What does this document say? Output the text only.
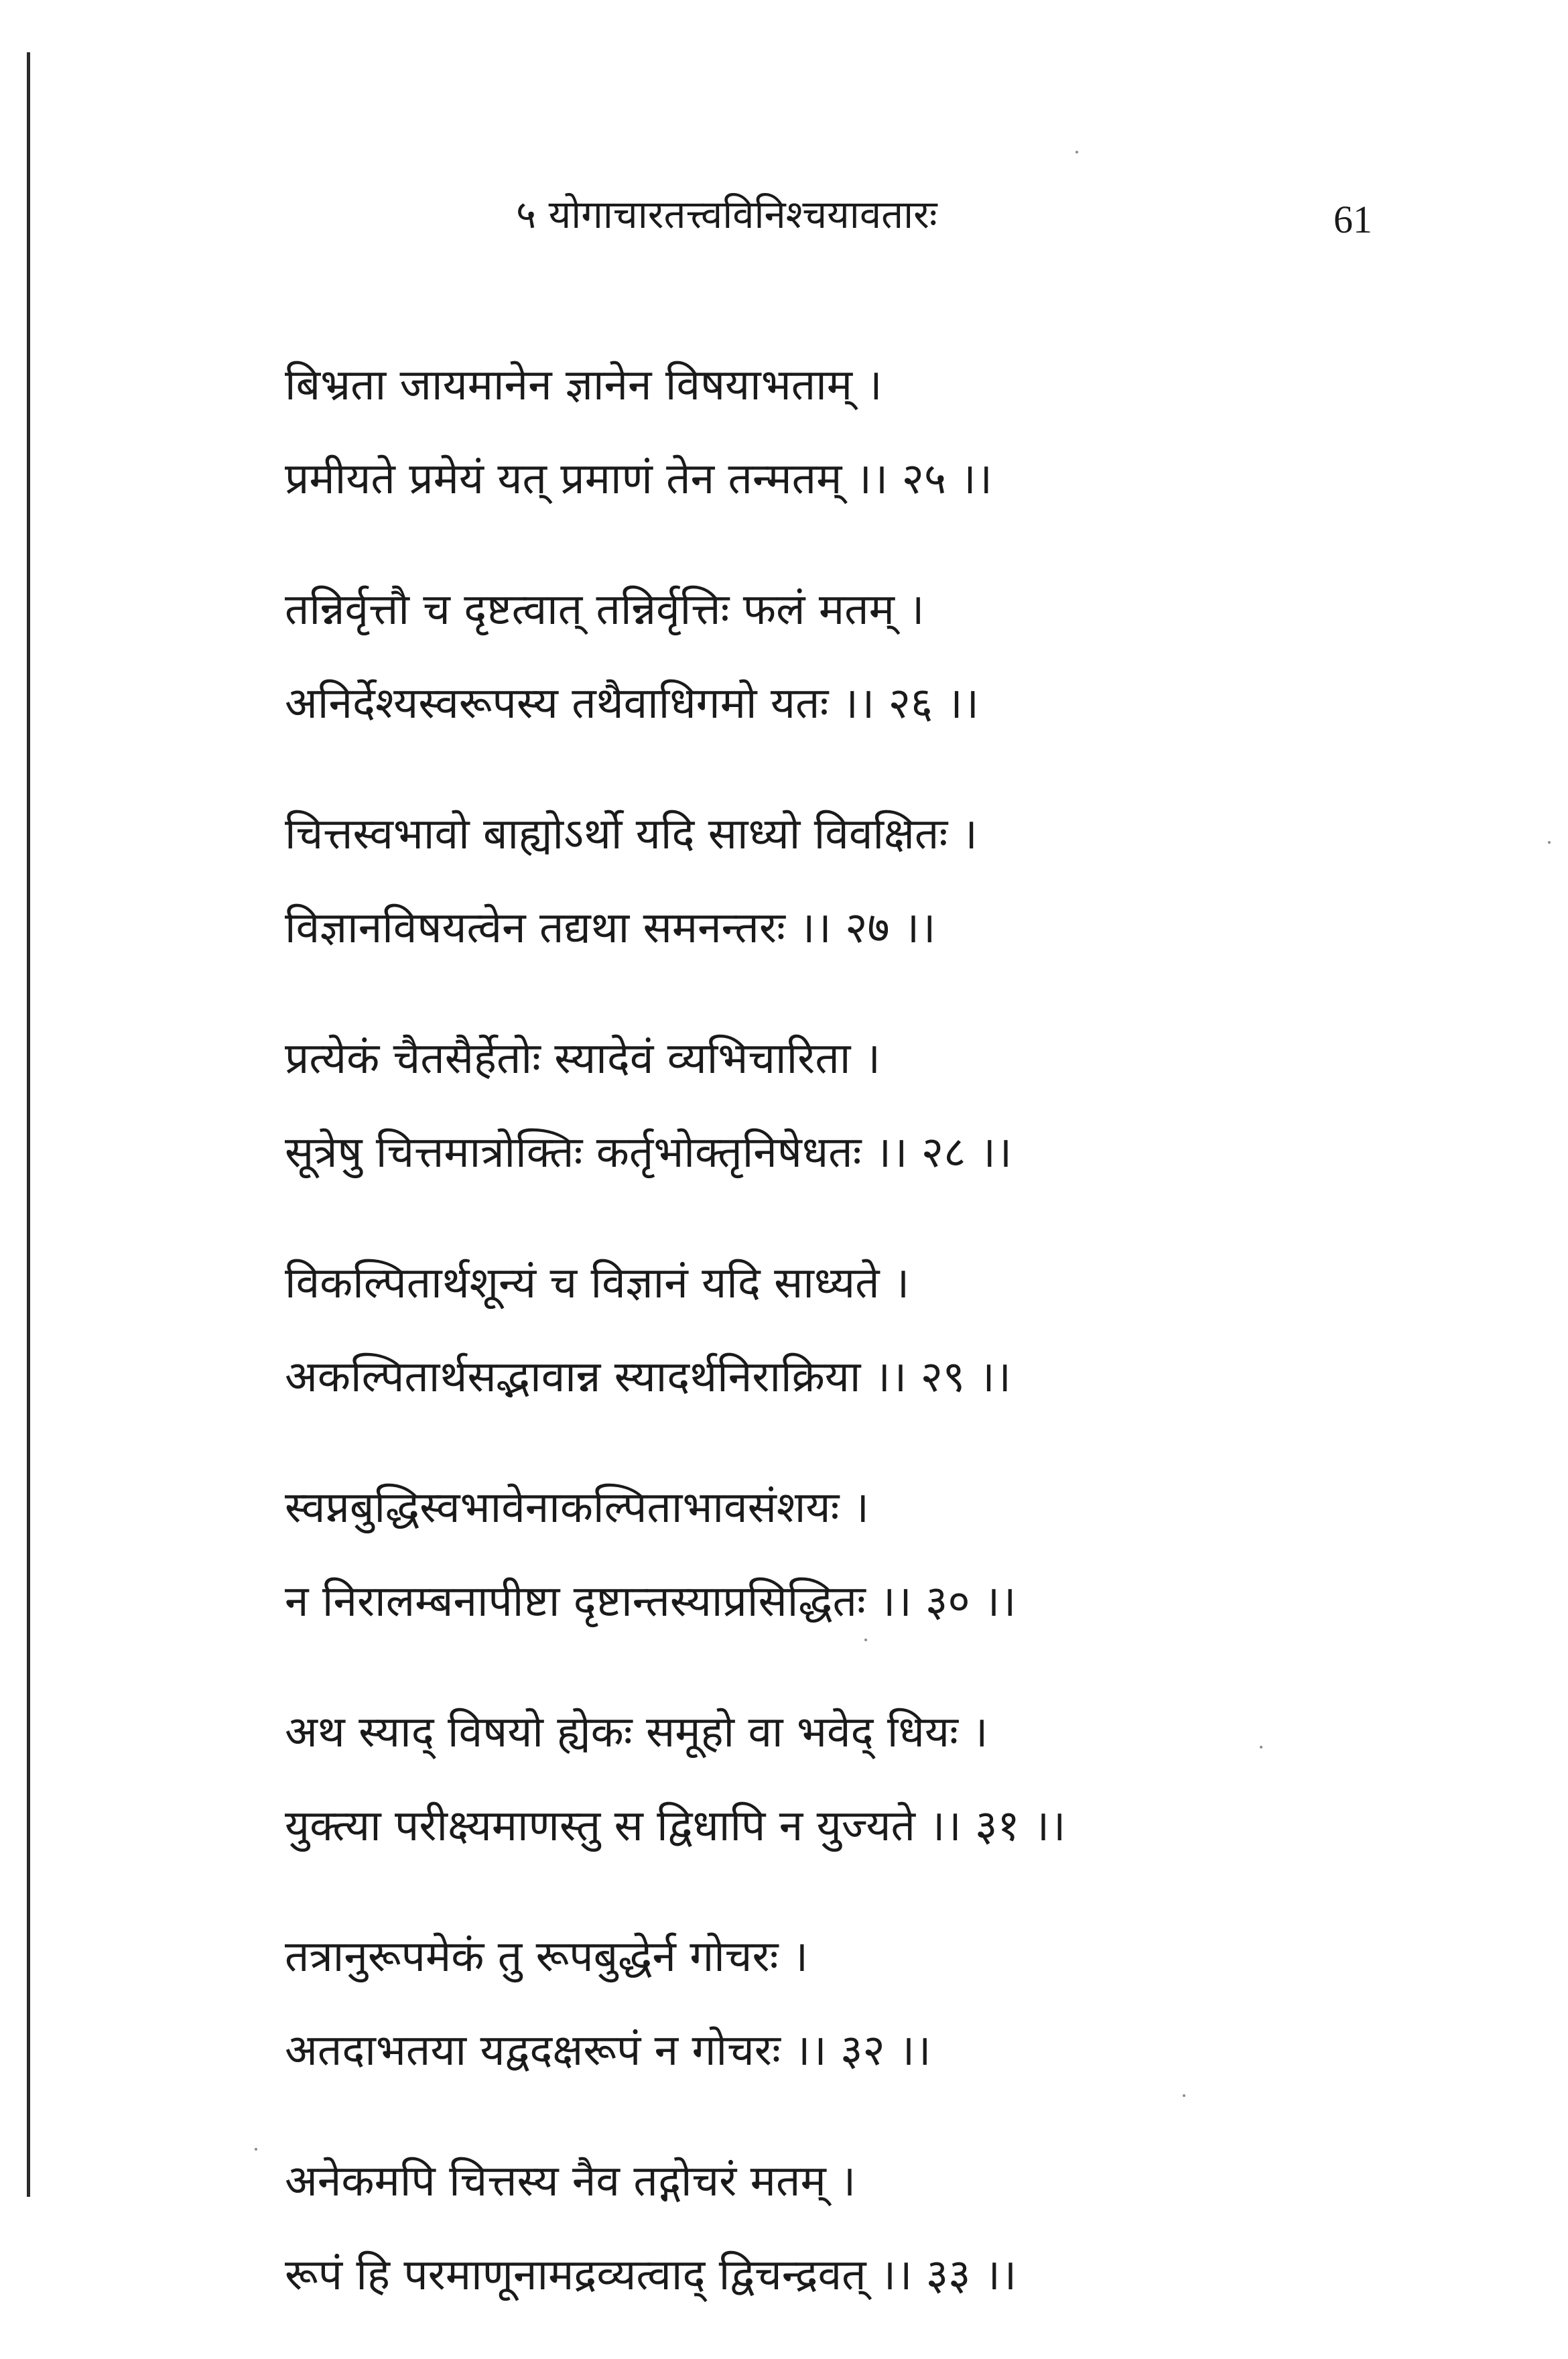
५ योगाचारतत्त्वविनिश्चयावतारः	61
बिभ्रता जायमानेन ज्ञानेन विषयाभताम् ।
प्रमीयते प्रमेयं यत् प्रमाणं तेन तन्मतम् ।। २५ ।।
तन्निर्वृत्तौ च दृष्टत्वात् तन्निर्वृत्तिः फलं मतम् ।
अनिर्देश्यस्वरूपस्य तथैवाधिगमो यतः ।। २६ ।।
चित्तस्वभावो बाह्योऽर्थो यदि साध्यो विवक्षितः ।
विज्ञानविषयत्वेन तद्यथा समनन्तरः ।। २७ ।।
प्रत्येकं चैतसैर्हेतोः स्यादेवं व्यभिचारिता ।
सूत्रेषु चित्तमात्रोक्तिः कर्तृभोक्तृनिषेधतः ।। २८ ।।
विकल्पितार्थशून्यं च विज्ञानं यदि साध्यते ।
अकल्पितार्थसद्भावान्न स्यादर्थनिराक्रिया ।। २९ ।।
स्वप्नबुद्धिस्वभावेनाकल्पिताभावसंशयः ।
न निरालम्बनापीष्टा दृष्टान्तस्याप्रसिद्धितः ।। ३० ।।
अथ स्याद् विषयो ह्येकः समूहो वा भवेद् धियः ।
युक्त्या परीक्ष्यमाणस्तु स द्विधापि न युज्यते ।। ३१ ।।
तत्रानुरूपमेकं तु रूपबुद्धेर्न गोचरः ।
अतदाभतया यद्वदक्षरूपं न गोचरः ।। ३२ ।।
अनेकमपि चित्तस्य नैव तद्गोचरं मतम् ।
रूपं हि परमाणूनामद्रव्यत्वाद् द्विचन्द्रवत् ।। ३३ ।।
